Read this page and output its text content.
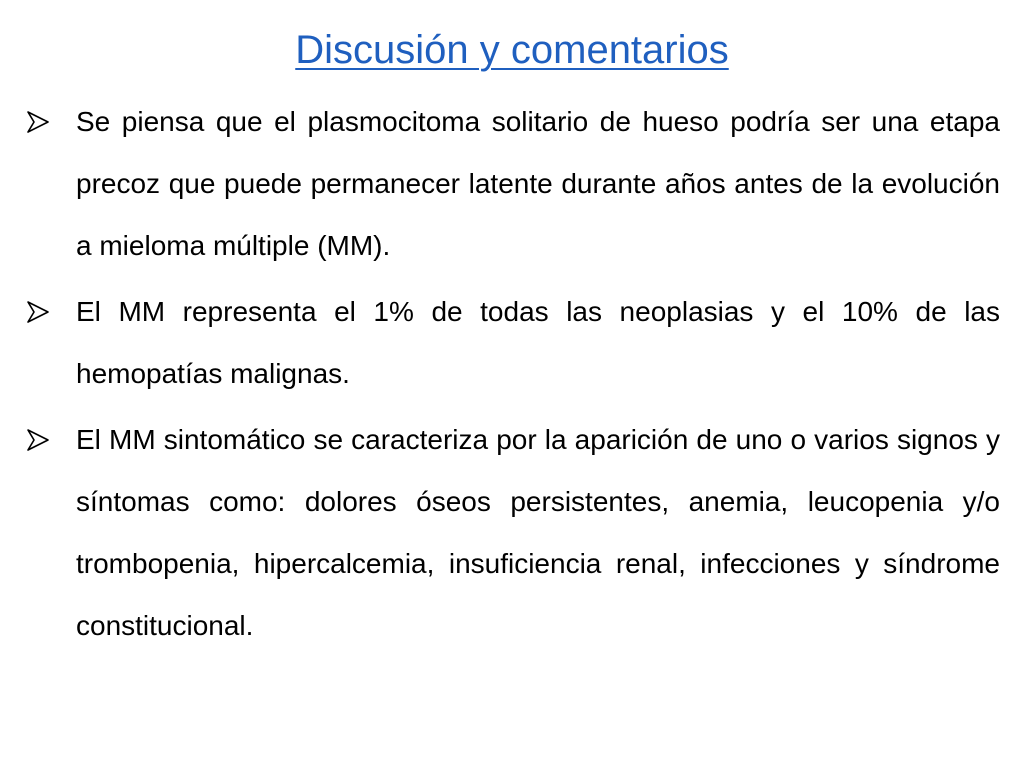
Discusión y comentarios
Se piensa que el plasmocitoma solitario de hueso podría ser una etapa precoz que puede permanecer latente durante años antes de la evolución a mieloma múltiple (MM).
El MM representa el 1% de todas las neoplasias y el 10% de las hemopatías malignas.
El MM sintomático se caracteriza por la aparición de uno o varios signos y síntomas como: dolores óseos persistentes, anemia, leucopenia y/o trombopenia, hipercalcemia, insuficiencia renal, infecciones y síndrome constitucional.
